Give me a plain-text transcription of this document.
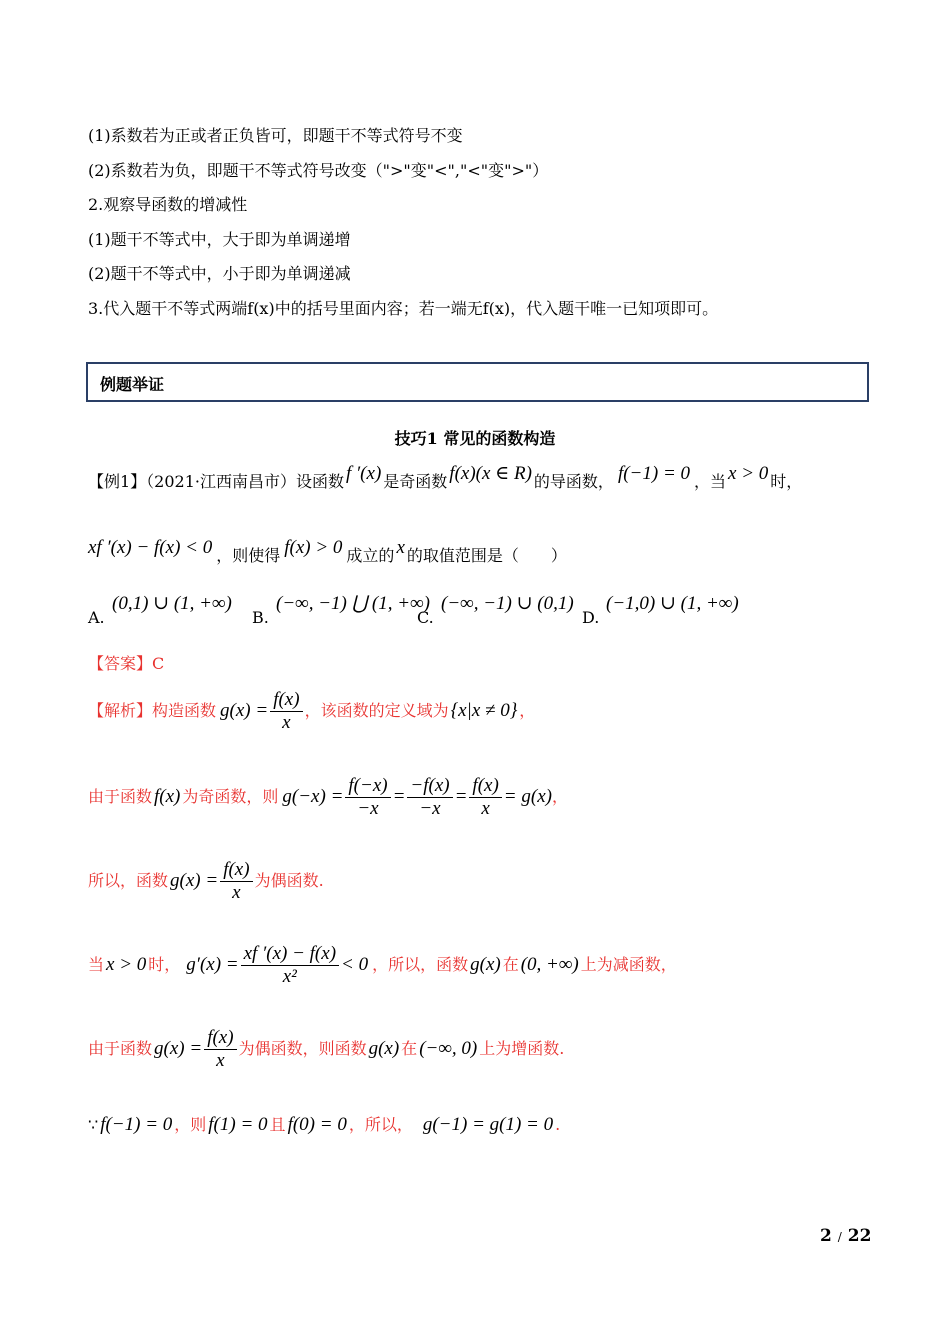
(1)系数若为正或者正负皆可，即题干不等式符号不变
(2)系数若为负，即题干不等式符号改变（">"变"<","<"变">"）
2.观察导函数的增减性
(1)题干不等式中，大于即为单调递增
(2)题干不等式中，小于即为单调递减
3.代入题干不等式两端f(x)中的括号里面内容；若一端无f(x)，代入题干唯一已知项即可。
例题举证
技巧1 常见的函数构造
【例1】（2021·江西南昌市）设函数 f ′(x) 是奇函数 f(x)(x ∈ R) 的导函数， f(−1) = 0 ，当 x > 0 时，
xf ′(x) − f(x) < 0 ，则使得 f(x) > 0 成立的 x 的取值范围是（　　）
A.
(0,1) ∪ (1, +∞)
B.
(−∞, −1) ⋃ (1, +∞)
C.
(−∞, −1) ∪ (0,1)
D.
(−1,0) ∪ (1, +∞)
【答案】C
【解析】构造函数 $g(x) = \frac{f(x)}{x}$ ，该函数的定义域为 {x|x ≠ 0} ，
由于函数 f(x) 为奇函数，则 $g(-x) = \frac{f(-x)}{-x} = \frac{-f(x)}{-x} = \frac{f(x)}{x} = g(x)$ ，
所以，函数 $g(x) = \frac{f(x)}{x}$ 为偶函数.
当 x > 0 时， $g'(x) = \frac{xf '(x) - f(x)}{\text{x²}} < 0$ ，所以，函数 g(x) 在 (0, +∞) 上为减函数，
由于函数 $g(x) = \frac{f(x)}{x}$ 为偶函数，则函数 g(x) 在 (−∞, 0) 上为增函数.
∵ f(−1) = 0 ，则 f(1) = 0 且 f(0) = 0 ，所以， g(−1) = g(1) = 0 .
2 / 22
